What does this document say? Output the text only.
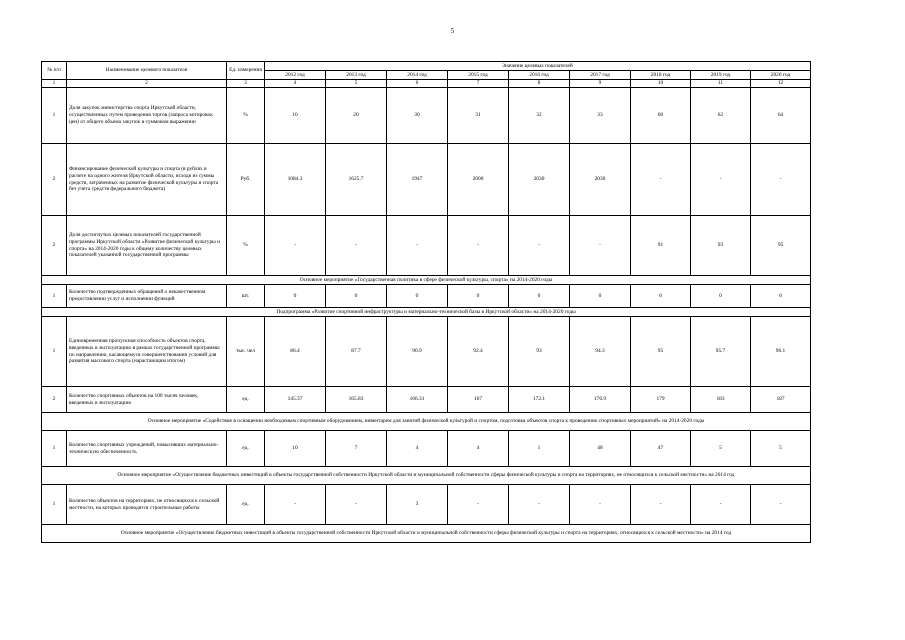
5
№ п/п	Наименование целевого показателя	Ед. измерения	Значение целевых показателей								
			2012 год	2013 год	2014 год	2015 год	2016 год	2017 год	2018 год	2019 год	2020 год
1	2	3	4	5	6	7	8	9	10	11	12
1	Доля закупок министерства спорта Иркутской области, осуществленных путем проведения торгов (запроса котировок цен) от общего объема закупок в суммовом выражении	%	10	20	30	31	32	33	60	62	64
2	Финансирование физической культуры и спорта (в рублях в расчете на одного жителя Иркутской области, исходя из суммы средств, затраченных на развитие физической культуры и спорта без учета средств федерального бюджета)	Руб.	1084.3	1625.7	1947	2000	2030	2030	-	-	-
2	Доля достигнутых целевых показателей государственной программы Иркутской области «Развитие физической культуры и спорта» на 2014-2020 годы к общему количеству целевых показателей указанной государственной программы	%	-	-	-	-	-	-	91	93	95
Основное мероприятие «Государственная политика в сфере физической культуры, спорта» на 2014-2020 годы											
1	Количество подтвержденных обращений о некачественном предоставлении услуг и исполнении функций	шт.	0	0	0	0	0	0	0	0	0
Подпрограмма «Развитие спортивной инфраструктуры и материально-технической базы в Иркутской области» на 2014-2020 годы											
1	Единовременная пропускная способность объектов спорта, введенных в эксплуатацию в рамках государственной программы по направлению, касающемуся совершенствования условий для развития массового спорта (нарастающим итогом)	тыс. чел	86.4	87.7	90.9	92.4	93	94.3	95	95.7	96.1
2	Количество спортивных объектов на 100 тысяч человек, введенных в эксплуатацию	ед.	145.37	165.83	166.31	167	172.1	176.9	179	183	187
Основное мероприятие «Содействие в оснащении необходимым спортивным оборудованием, инвентарем для занятий физической культурой и спортом, подготовка объектов спорта к проведению спортивных мероприятий» на 2014-2020 годы											
1	Количество спортивных учреждений, повысивших материально-техническую обеспеченность	ед.	10	7	4	4	1	48	47	5	5
Основное мероприятие «Осуществление бюджетных инвестиций в объекты государственной собственности Иркутской области и муниципальной собственности сферы физической культуры и спорта на территориях, не относящихся к сельской местности» на 2014 год											
1	Количество объектов на территориях, не относящихся к сельской местности, на которых проводятся строительные работы	ед.	-	-	3	-	-	-	-	-	-
Основное мероприятие «Осуществление бюджетных инвестиций в объекты государственной собственности Иркутской области и муниципальной собственности сферы физической культуры и спорта на территориях, относящихся к сельской местности» на 2014 год											
